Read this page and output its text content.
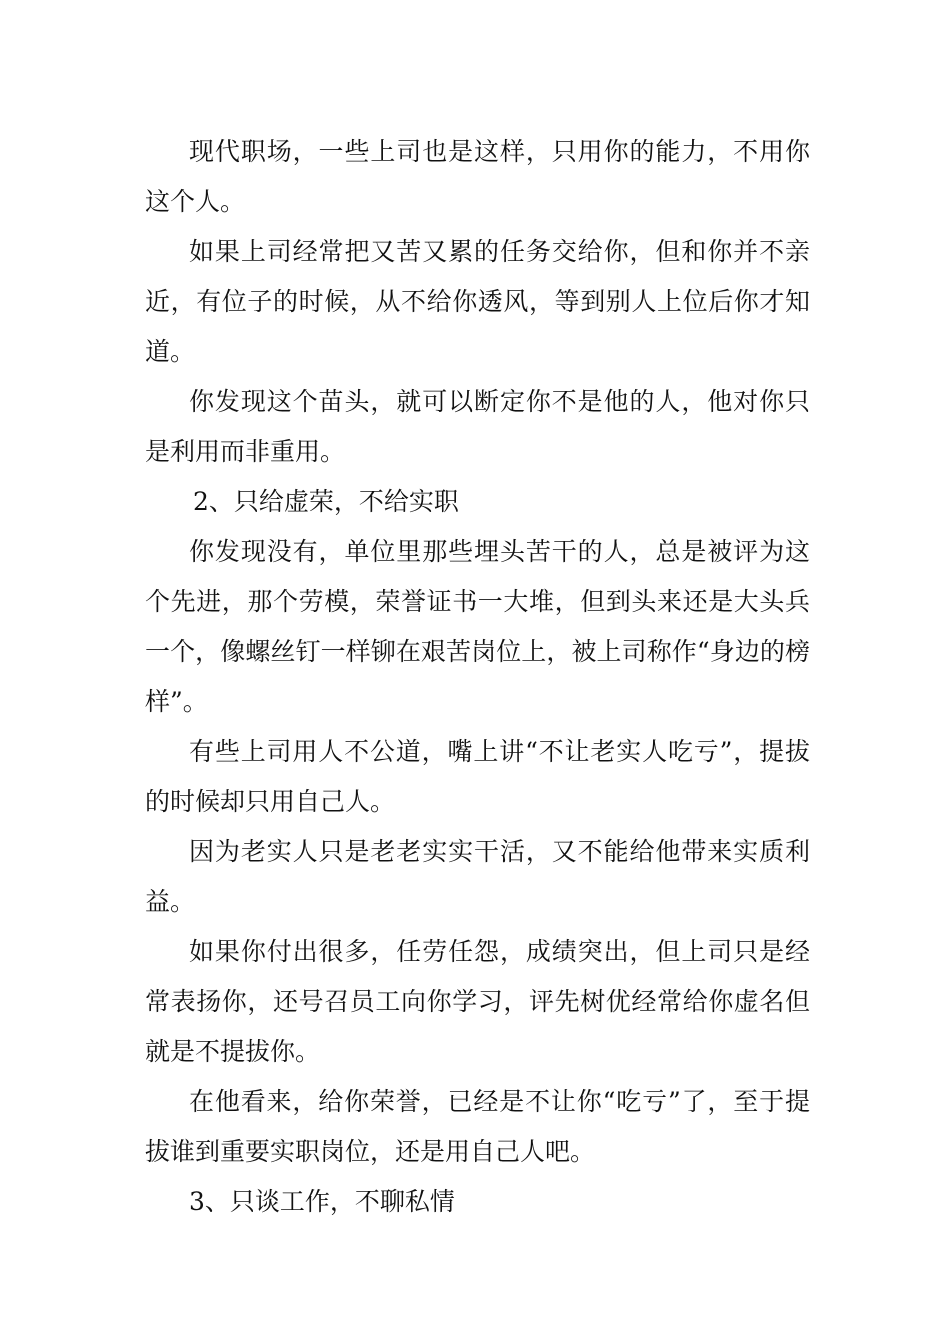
现代职场，一些上司也是这样，只用你的能力，不用你这个人。

如果上司经常把又苦又累的任务交给你，但和你并不亲近，有位子的时候，从不给你透风，等到别人上位后你才知道。

你发现这个苗头，就可以断定你不是他的人，他对你只是利用而非重用。

2、只给虚荣，不给实职

你发现没有，单位里那些埋头苦干的人，总是被评为这个先进，那个劳模，荣誉证书一大堆，但到头来还是大头兵一个，像螺丝钉一样铆在艰苦岗位上，被上司称作“身边的榜样”。

有些上司用人不公道，嘴上讲“不让老实人吃亏”，提拔的时候却只用自己人。

因为老实人只是老老实实干活，又不能给他带来实质利益。

如果你付出很多，任劳任怨，成绩突出，但上司只是经常表扬你，还号召员工向你学习，评先树优经常给你虚名但就是不提拔你。

在他看来，给你荣誉，已经是不让你“吃亏”了，至于提拔谁到重要实职岗位，还是用自己人吧。

3、只谈工作，不聊私情
